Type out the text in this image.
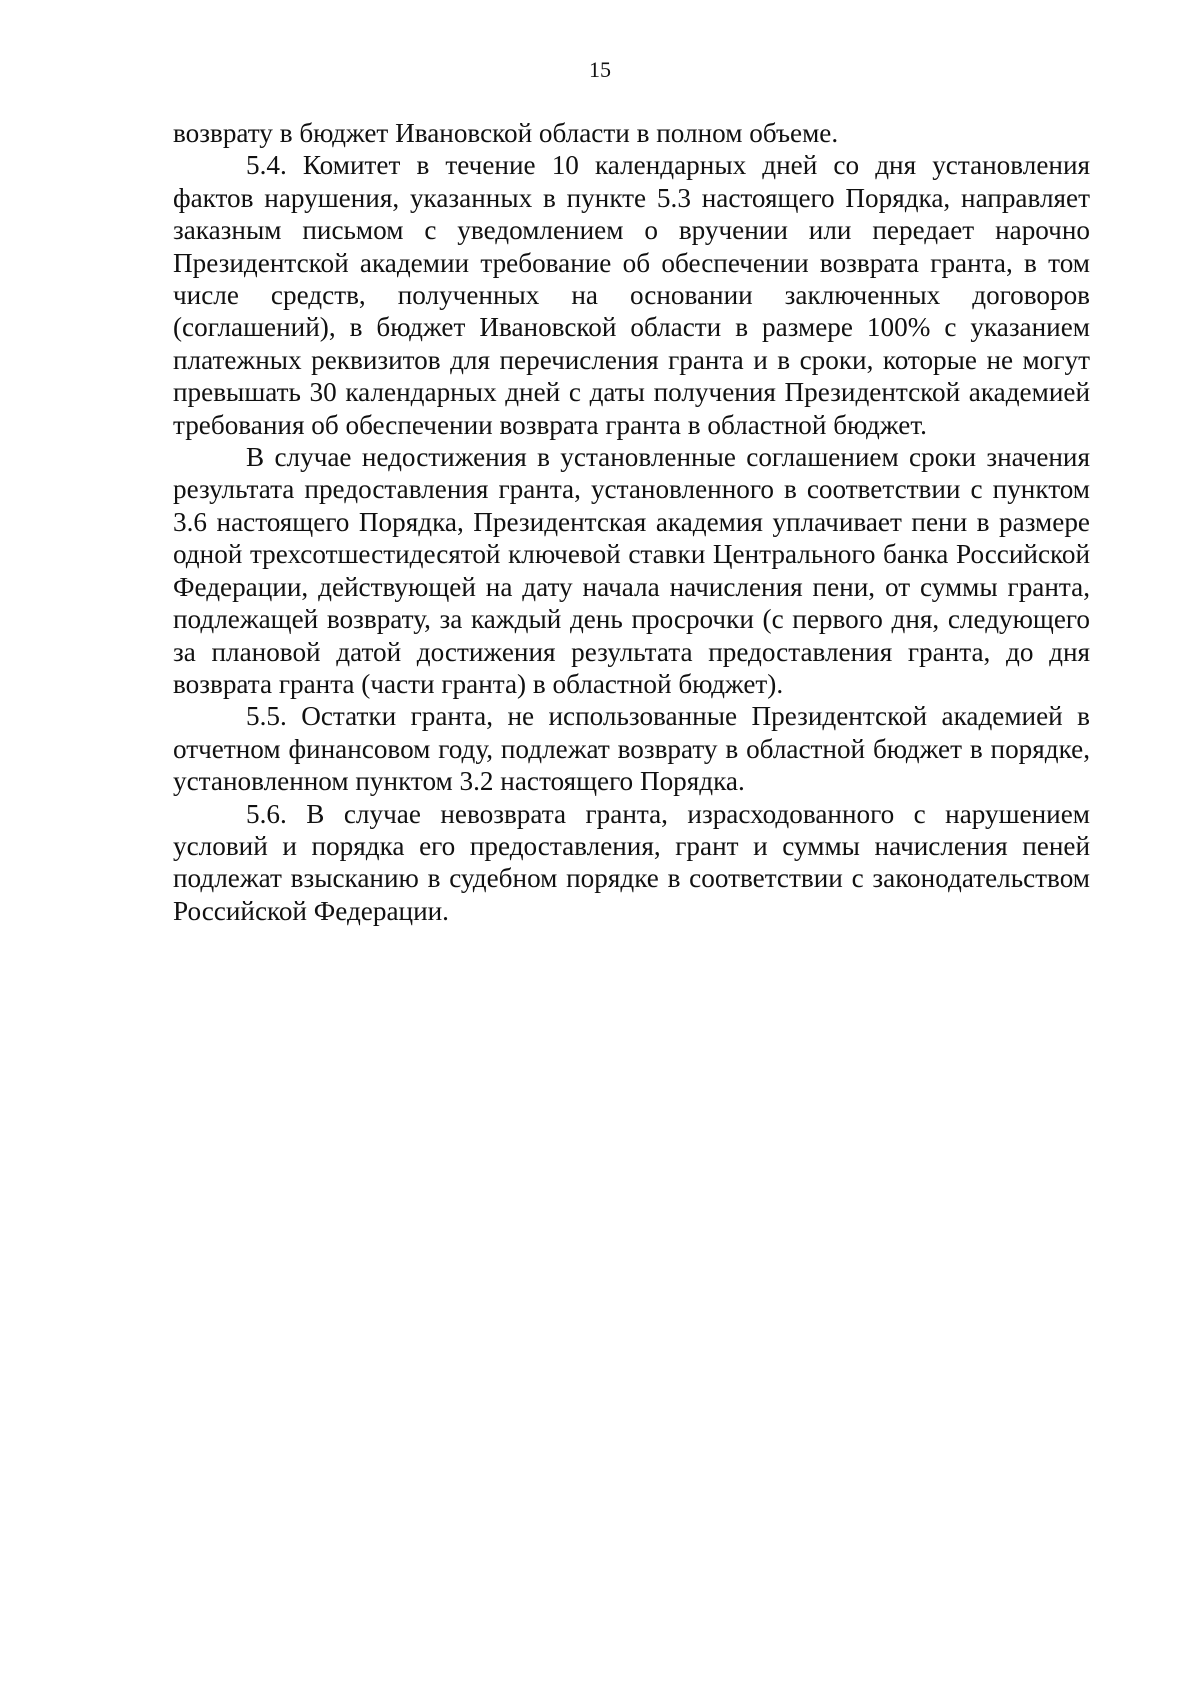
15

возврату в бюджет Ивановской области в полном объеме.

5.4. Комитет в течение 10 календарных дней со дня установления фактов нарушения, указанных в пункте 5.3 настоящего Порядка, направляет заказным письмом с уведомлением о вручении или передает нарочно Президентской академии требование об обеспечении возврата гранта, в том числе средств, полученных на основании заключенных договоров (соглашений), в бюджет Ивановской области в размере 100% с указанием платежных реквизитов для перечисления гранта и в сроки, которые не могут превышать 30 календарных дней с даты получения Президентской академией требования об обеспечении возврата гранта в областной бюджет.

В случае недостижения в установленные соглашением сроки значения результата предоставления гранта, установленного в соответствии с пунктом 3.6 настоящего Порядка, Президентская академия уплачивает пени в размере одной трехсотшестидесятой ключевой ставки Центрального банка Российской Федерации, действующей на дату начала начисления пени, от суммы гранта, подлежащей возврату, за каждый день просрочки (с первого дня, следующего за плановой датой достижения результата предоставления гранта, до дня возврата гранта (части гранта) в областной бюджет).

5.5. Остатки гранта, не использованные Президентской академией в отчетном финансовом году, подлежат возврату в областной бюджет в порядке, установленном пунктом 3.2 настоящего Порядка.

5.6. В случае невозврата гранта, израсходованного с нарушением условий и порядка его предоставления, грант и суммы начисления пеней подлежат взысканию в судебном порядке в соответствии с законодательством Российской Федерации.
